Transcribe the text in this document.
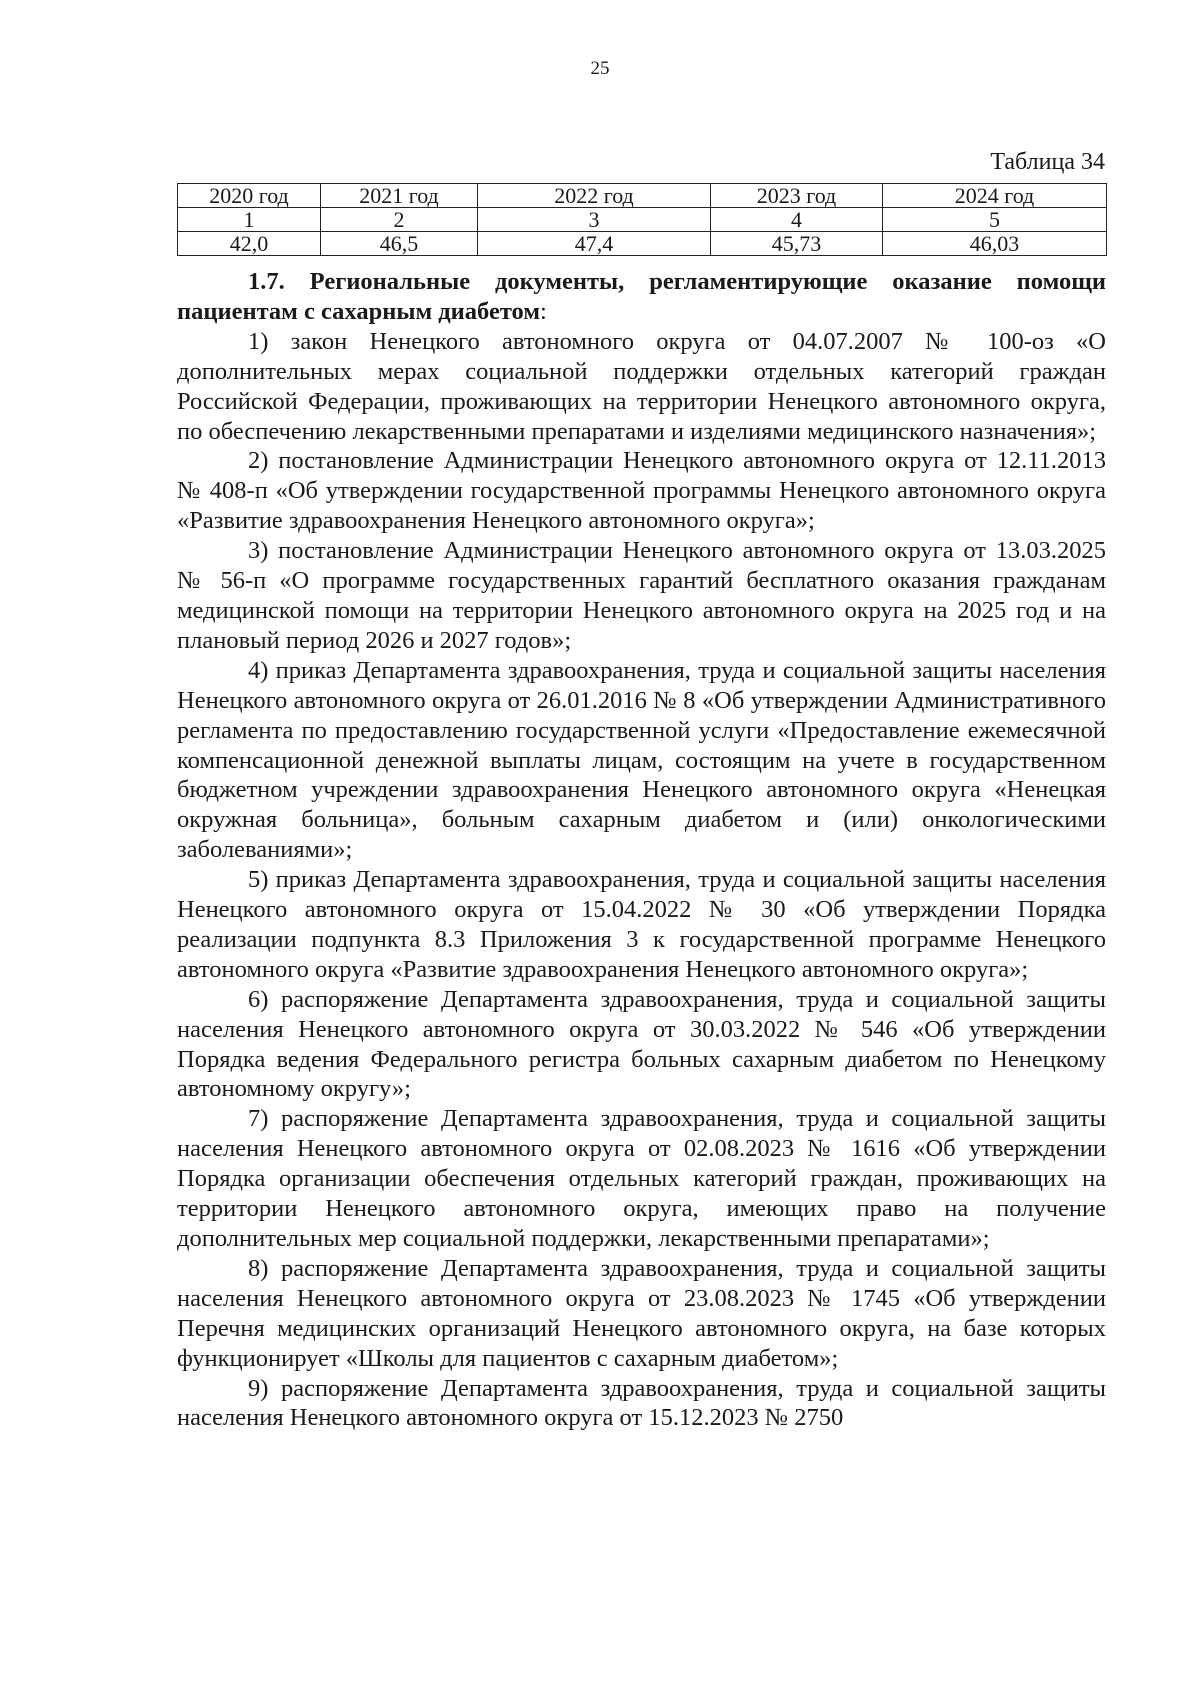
25
Таблица 34
2020 год	2021 год	2022 год	2023 год	2024 год
1	2	3	4	5
42,0	46,5	47,4	45,73	46,03

1.7. Региональные документы, регламентирующие оказание помощи пациентам с сахарным диабетом:

1) закон Ненецкого автономного округа от 04.07.2007 № 100-оз «О дополнительных мерах социальной поддержки отдельных категорий граждан Российской Федерации, проживающих на территории Ненецкого автономного округа, по обеспечению лекарственными препаратами и изделиями медицинского назначения»;

2) постановление Администрации Ненецкого автономного округа от 12.11.2013 № 408-п «Об утверждении государственной программы Ненецкого автономного округа «Развитие здравоохранения Ненецкого автономного округа»;

3) постановление Администрации Ненецкого автономного округа от 13.03.2025 № 56-п «О программе государственных гарантий бесплатного оказания гражданам медицинской помощи на территории Ненецкого автономного округа на 2025 год и на плановый период 2026 и 2027 годов»;

4) приказ Департамента здравоохранения, труда и социальной защиты населения Ненецкого автономного округа от 26.01.2016 № 8 «Об утверждении Административного регламента по предоставлению государственной услуги «Предоставление ежемесячной компенсационной денежной выплаты лицам, состоящим на учете в государственном бюджетном учреждении здравоохранения Ненецкого автономного округа «Ненецкая окружная больница», больным сахарным диабетом и (или) онкологическими заболеваниями»;

5) приказ Департамента здравоохранения, труда и социальной защиты населения Ненецкого автономного округа от 15.04.2022 № 30 «Об утверждении Порядка реализации подпункта 8.3 Приложения 3 к государственной программе Ненецкого автономного округа «Развитие здравоохранения Ненецкого автономного округа»;

6) распоряжение Департамента здравоохранения, труда и социальной защиты населения Ненецкого автономного округа от 30.03.2022 № 546 «Об утверждении Порядка ведения Федерального регистра больных сахарным диабетом по Ненецкому автономному округу»;

7) распоряжение Департамента здравоохранения, труда и социальной защиты населения Ненецкого автономного округа от 02.08.2023 № 1616 «Об утверждении Порядка организации обеспечения отдельных категорий граждан, проживающих на территории Ненецкого автономного округа, имеющих право на получение дополнительных мер социальной поддержки, лекарственными препаратами»;

8) распоряжение Департамента здравоохранения, труда и социальной защиты населения Ненецкого автономного округа от 23.08.2023 № 1745 «Об утверждении Перечня медицинских организаций Ненецкого автономного округа, на базе которых функционирует «Школы для пациентов с сахарным диабетом»;

9) распоряжение Департамента здравоохранения, труда и социальной защиты населения Ненецкого автономного округа от 15.12.2023 № 2750
